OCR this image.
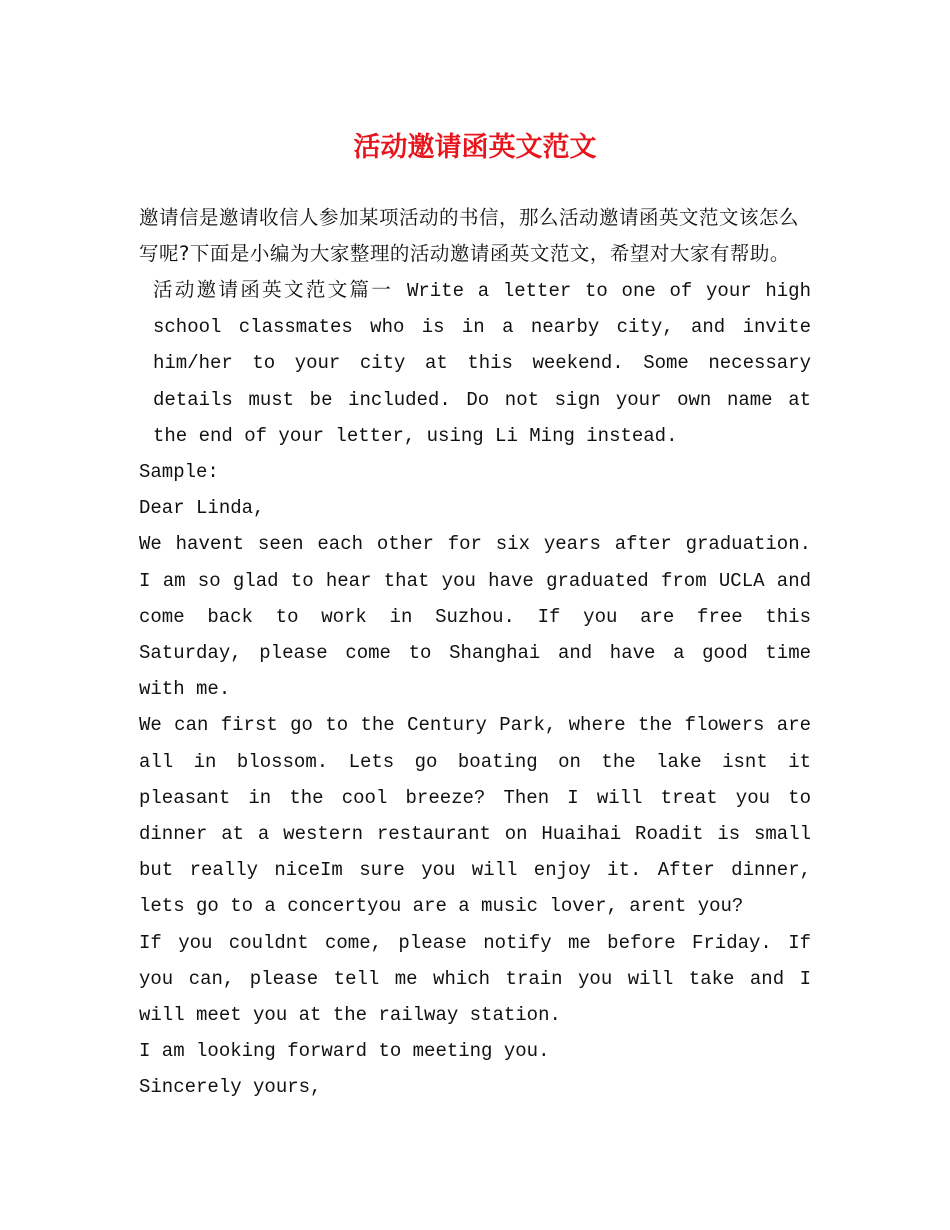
活动邀请函英文范文

邀请信是邀请收信人参加某项活动的书信，那么活动邀请函英文范文该怎么写呢?下面是小编为大家整理的活动邀请函英文范文，希望对大家有帮助。

活动邀请函英文范文篇一 Write a letter to one of your high school classmates who is in a nearby city, and invite him/her to your city at this weekend. Some necessary details must be included. Do not sign your own name at the end of your letter, using Li Ming instead.

Sample:

Dear Linda,

We havent seen each other for six years after graduation. I am so glad to hear that you have graduated from UCLA and come back to work in Suzhou. If you are free this Saturday, please come to Shanghai and have a good time with me.

We can first go to the Century Park, where the flowers are all in blossom. Lets go boating on the lake isnt it pleasant in the cool breeze? Then I will treat you to dinner at a western restaurant on Huaihai Roadit is small but really niceIm sure you will enjoy it. After dinner, lets go to a concertyou are a music lover, arent you?

If you couldnt come, please notify me before Friday. If you can, please tell me which train you will take and I will meet you at the railway station.

I am looking forward to meeting you.

Sincerely yours,
